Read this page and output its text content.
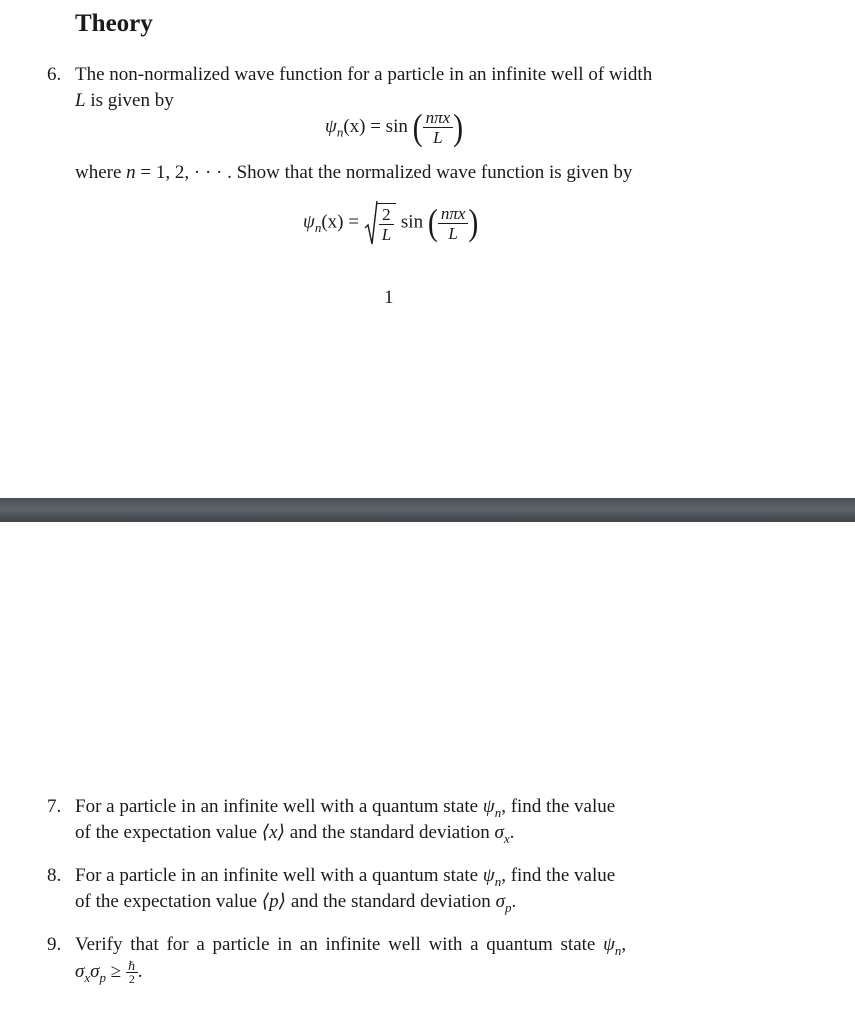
Theory
6. The non-normalized wave function for a particle in an infinite well of width
L is given by
$\psi_n(x) = \sin$ ( $\frac{\text{nπx}}{L}$ )
where n = 1, 2, · · · . Show that the normalized wave function is given by
$\psi_n(x) = \frac{2}{L}$ sin ( $\frac{\text{nπx}}{L}$ )
1
7. For a particle in an infinite well with a quantum state $\psi_n$, find the value
of the expectation value ⟨x⟩ and the standard deviation $\sigma_x$.
8. For a particle in an infinite well with a quantum state $\psi_n$, find the value
of the expectation value ⟨p⟩ and the standard deviation $\sigma_p$.
9. Verify that for a particle in an infinite well with a quantum state $\psi_n$,
$\sigma_x\sigma_p \ge \frac{\text{ℏ}}{2}$ .
